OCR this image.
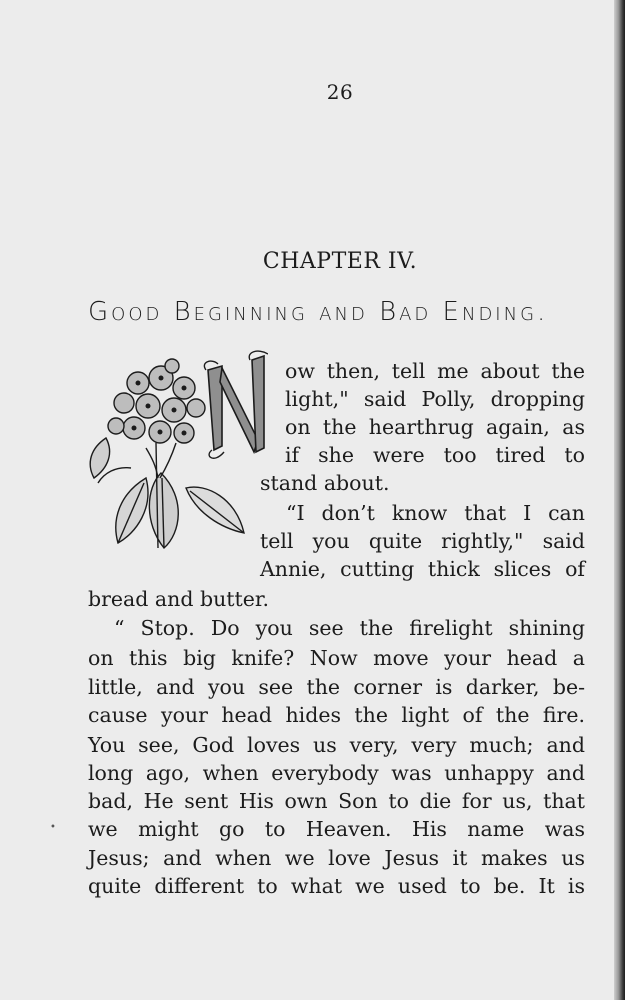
26
CHAPTER IV.
Good Beginning and Bad Ending.
ow then, tell me about the
light," said Polly, dropping
on the hearthrug again, as
if she were too tired to
stand about.
“I don’t know that I can
tell you quite rightly," said
Annie, cutting thick slices of
bread and butter.
“ Stop. Do you see the firelight shining
on this big knife? Now move your head a
little, and you see the corner is darker, be-
cause your head hides the light of the fire.
You see, God loves us very, very much; and
long ago, when everybody was unhappy and
bad, He sent His own Son to die for us, that
we might go to Heaven. His name was
Jesus; and when we love Jesus it makes us
quite different to what we used to be. It is
•
